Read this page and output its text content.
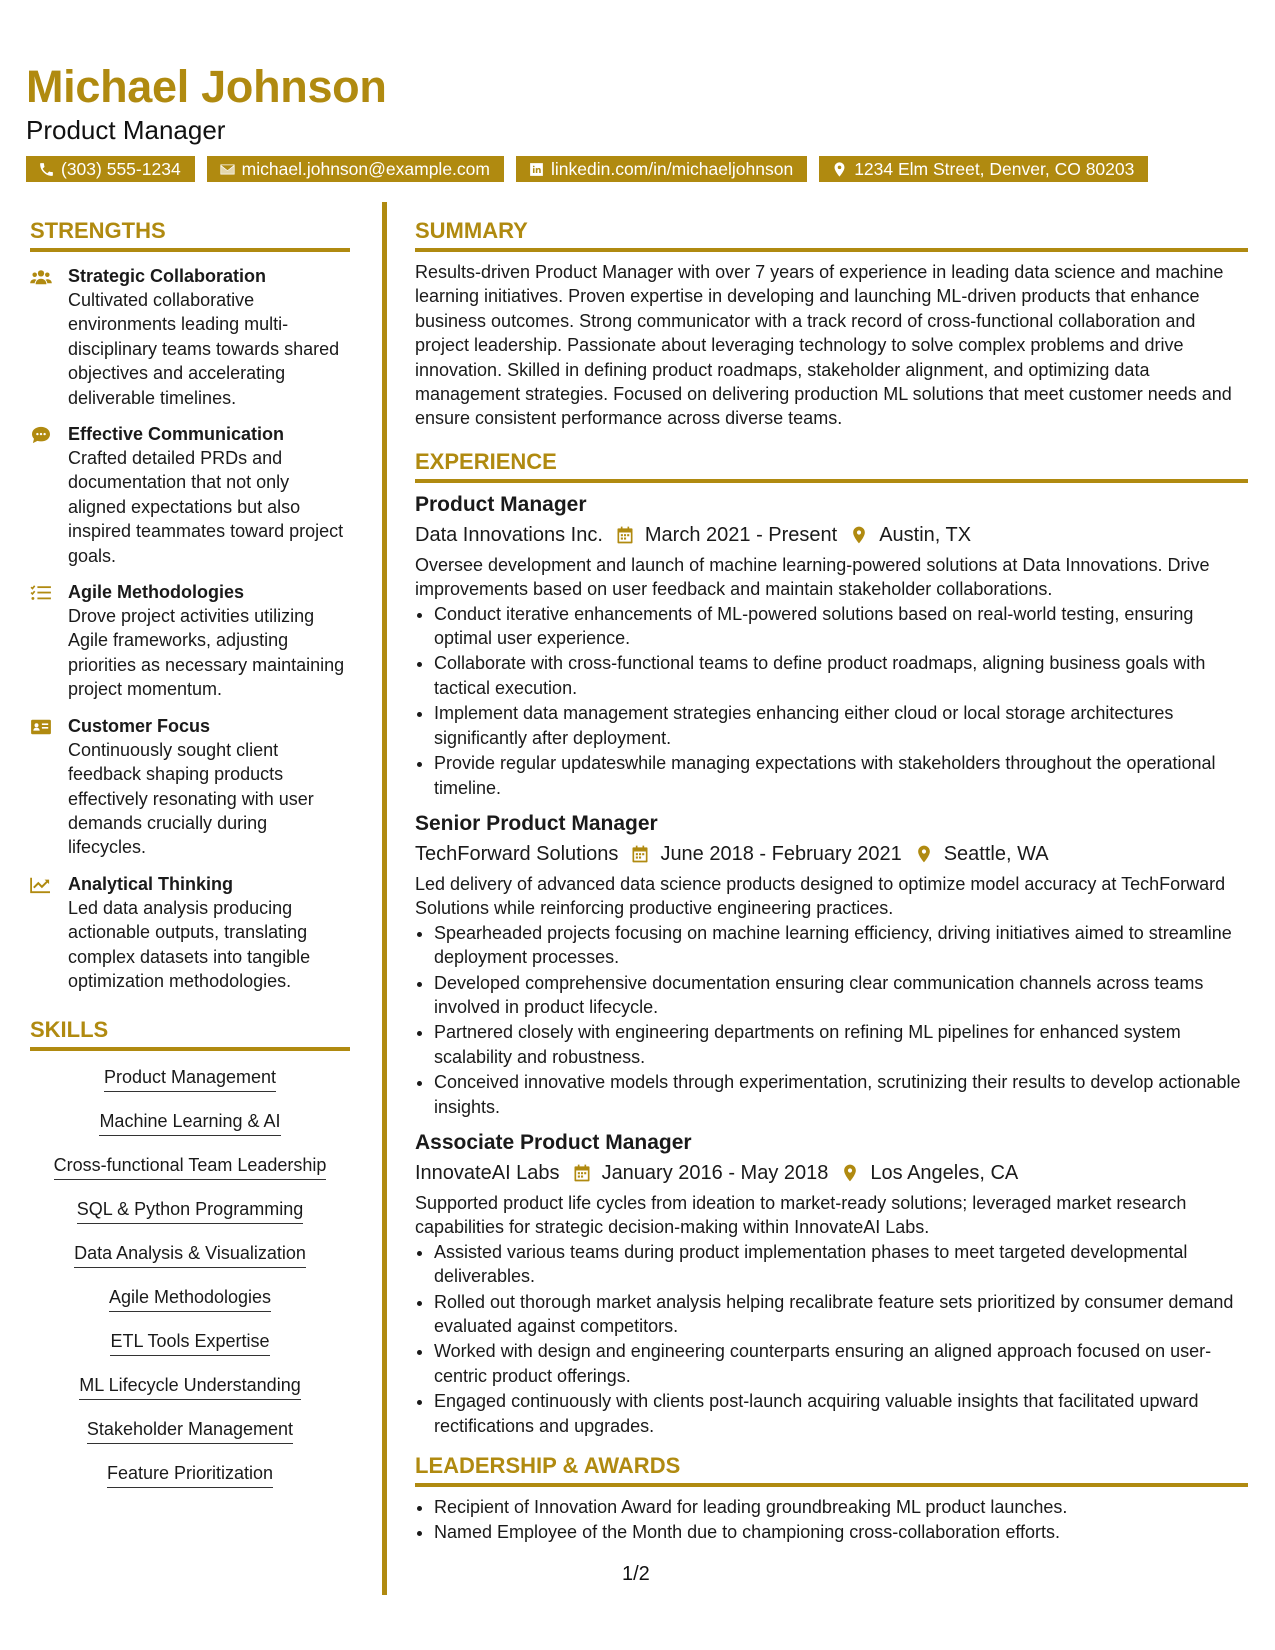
Michael Johnson
Product Manager
(303) 555-1234	michael.johnson@example.com	linkedin.com/in/michaeljohnson	1234 Elm Street, Denver, CO 80203
STRENGTHS
Strategic Collaboration
Cultivated collaborative environments leading multi-disciplinary teams towards shared objectives and accelerating deliverable timelines.
Effective Communication
Crafted detailed PRDs and documentation that not only aligned expectations but also inspired teammates toward project goals.
Agile Methodologies
Drove project activities utilizing Agile frameworks, adjusting priorities as necessary maintaining project momentum.
Customer Focus
Continuously sought client feedback shaping products effectively resonating with user demands crucially during lifecycles.
Analytical Thinking
Led data analysis producing actionable outputs, translating complex datasets into tangible optimization methodologies.
SKILLS
Product Management
Machine Learning & AI
Cross-functional Team Leadership
SQL & Python Programming
Data Analysis & Visualization
Agile Methodologies
ETL Tools Expertise
ML Lifecycle Understanding
Stakeholder Management
Feature Prioritization
SUMMARY
Results-driven Product Manager with over 7 years of experience in leading data science and machine learning initiatives. Proven expertise in developing and launching ML-driven products that enhance business outcomes. Strong communicator with a track record of cross-functional collaboration and project leadership. Passionate about leveraging technology to solve complex problems and drive innovation. Skilled in defining product roadmaps, stakeholder alignment, and optimizing data management strategies. Focused on delivering production ML solutions that meet customer needs and ensure consistent performance across diverse teams.
EXPERIENCE
Product Manager
Data Innovations Inc. March 2021 - Present Austin, TX
Oversee development and launch of machine learning-powered solutions at Data Innovations. Drive improvements based on user feedback and maintain stakeholder collaborations.
• Conduct iterative enhancements of ML-powered solutions based on real-world testing, ensuring optimal user experience.
• Collaborate with cross-functional teams to define product roadmaps, aligning business goals with tactical execution.
• Implement data management strategies enhancing either cloud or local storage architectures significantly after deployment.
• Provide regular updateswhile managing expectations with stakeholders throughout the operational timeline.
Senior Product Manager
TechForward Solutions June 2018 - February 2021 Seattle, WA
Led delivery of advanced data science products designed to optimize model accuracy at TechForward Solutions while reinforcing productive engineering practices.
• Spearheaded projects focusing on machine learning efficiency, driving initiatives aimed to streamline deployment processes.
• Developed comprehensive documentation ensuring clear communication channels across teams involved in product lifecycle.
• Partnered closely with engineering departments on refining ML pipelines for enhanced system scalability and robustness.
• Conceived innovative models through experimentation, scrutinizing their results to develop actionable insights.
Associate Product Manager
InnovateAI Labs January 2016 - May 2018 Los Angeles, CA
Supported product life cycles from ideation to market-ready solutions; leveraged market research capabilities for strategic decision-making within InnovateAI Labs.
• Assisted various teams during product implementation phases to meet targeted developmental deliverables.
• Rolled out thorough market analysis helping recalibrate feature sets prioritized by consumer demand evaluated against competitors.
• Worked with design and engineering counterparts ensuring an aligned approach focused on user-centric product offerings.
• Engaged continuously with clients post-launch acquiring valuable insights that facilitated upward rectifications and upgrades.
LEADERSHIP & AWARDS
• Recipient of Innovation Award for leading groundbreaking ML product launches.
• Named Employee of the Month due to championing cross-collaboration efforts.
1/2
